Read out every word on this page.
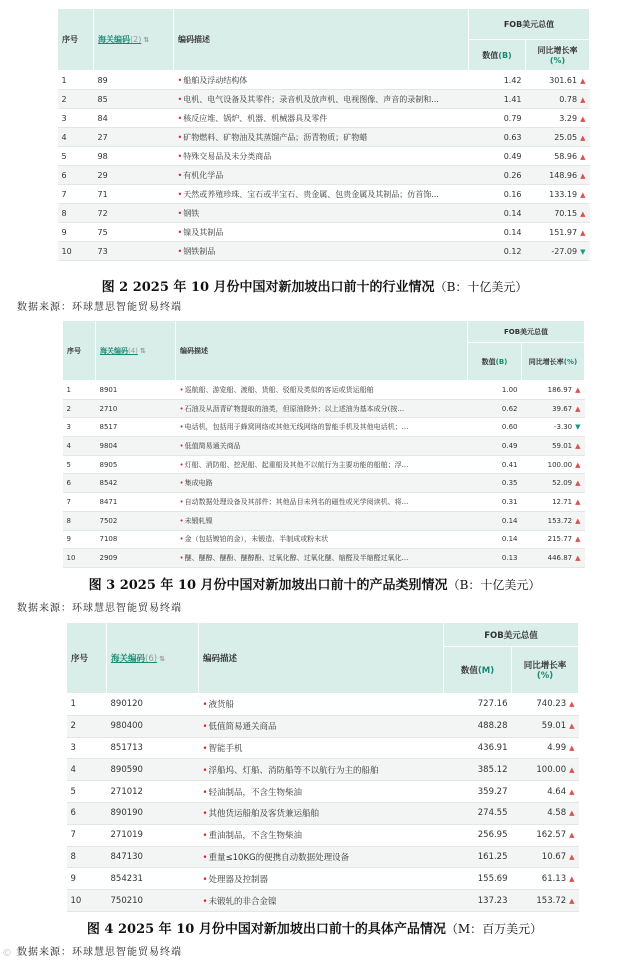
序号	海关编码(2) ⇅	编码描述	FOB美元总值	
			数值(B)	同比增长率(%)
1	89	•船舶及浮动结构体	1.42	301.61 ▲
2	85	•电机、电气设备及其零件；录音机及放声机、电视图像、声音的录制和...	1.41	0.78 ▲
3	84	•核反应堆、锅炉、机器、机械器具及零件	0.79	3.29 ▲
4	27	•矿物燃料、矿物油及其蒸馏产品；沥青物质；矿物蜡	0.63	25.05 ▲
5	98	•特殊交易品及未分类商品	0.49	58.96 ▲
6	29	•有机化学品	0.26	148.96 ▲
7	71	•天然或养殖珍珠、宝石或半宝石、贵金属、包贵金属及其制品；仿首饰...	0.16	133.19 ▲
8	72	•钢铁	0.14	70.15 ▲
9	75	•镍及其制品	0.14	151.97 ▲
10	73	•钢铁制品	0.12	-27.09 ▼
图 2 2025 年 10 月份中国对新加坡出口前十的行业情况（B：十亿美元）
数据来源：环球慧思智能贸易终端
序号	海关编码(4) ⇅	编码描述	FOB美元总值	
			数值(B)	同比增长率(%)
1	8901	•巡航船、游览船、渡船、货船、驳船及类似的客运或货运船舶	1.00	186.97 ▲
2	2710	•石油及从沥青矿物提取的油类，但原油除外；以上述油为基本成分(按...	0.62	39.67 ▲
3	8517	•电话机，包括用于蜂窝网络或其他无线网络的智能手机及其他电话机；...	0.60	-3.30 ▼
4	9804	•低值简易通关商品	0.49	59.01 ▲
5	8905	•灯船、消防船、挖泥船、起重船及其他不以航行为主要功能的船舶；浮...	0.41	100.00 ▲
6	8542	•集成电路	0.35	52.09 ▲
7	8471	•自动数据处理设备及其部件；其他品目未列名的磁性或光学阅读机、将...	0.31	12.71 ▲
8	7502	•未锻轧镍	0.14	153.72 ▲
9	7108	•金（包括镀铂的金），未锻造、半制成或粉末状	0.14	215.77 ▲
10	2909	•醚、醚醇、醚酚、醚醇酚、过氧化醇、过氧化醚、缩醛及半缩醛过氧化...	0.13	446.87 ▲
图 3 2025 年 10 月份中国对新加坡出口前十的产品类别情况（B：十亿美元）
数据来源：环球慧思智能贸易终端
序号	海关编码(6) ⇅	编码描述	FOB美元总值	
			数值(M)	同比增长率(%)
1	890120	•液货船	727.16	740.23 ▲
2	980400	•低值简易通关商品	488.28	59.01 ▲
3	851713	•智能手机	436.91	4.99 ▲
4	890590	•浮船坞、灯船、消防船等不以航行为主的船舶	385.12	100.00 ▲
5	271012	•轻油制品，不含生物柴油	359.27	4.64 ▲
6	890190	•其他货运船舶及客货兼运船舶	274.55	4.58 ▲
7	271019	•重油制品，不含生物柴油	256.95	162.57 ▲
8	847130	•重量≤10KG的便携自动数据处理设备	161.25	10.67 ▲
9	854231	•处理器及控制器	155.69	61.13 ▲
10	750210	•未锻轧的非合金镍	137.23	153.72 ▲
图 4 2025 年 10 月份中国对新加坡出口前十的具体产品情况（M：百万美元）
数据来源：环球慧思智能贸易终端
© 1
